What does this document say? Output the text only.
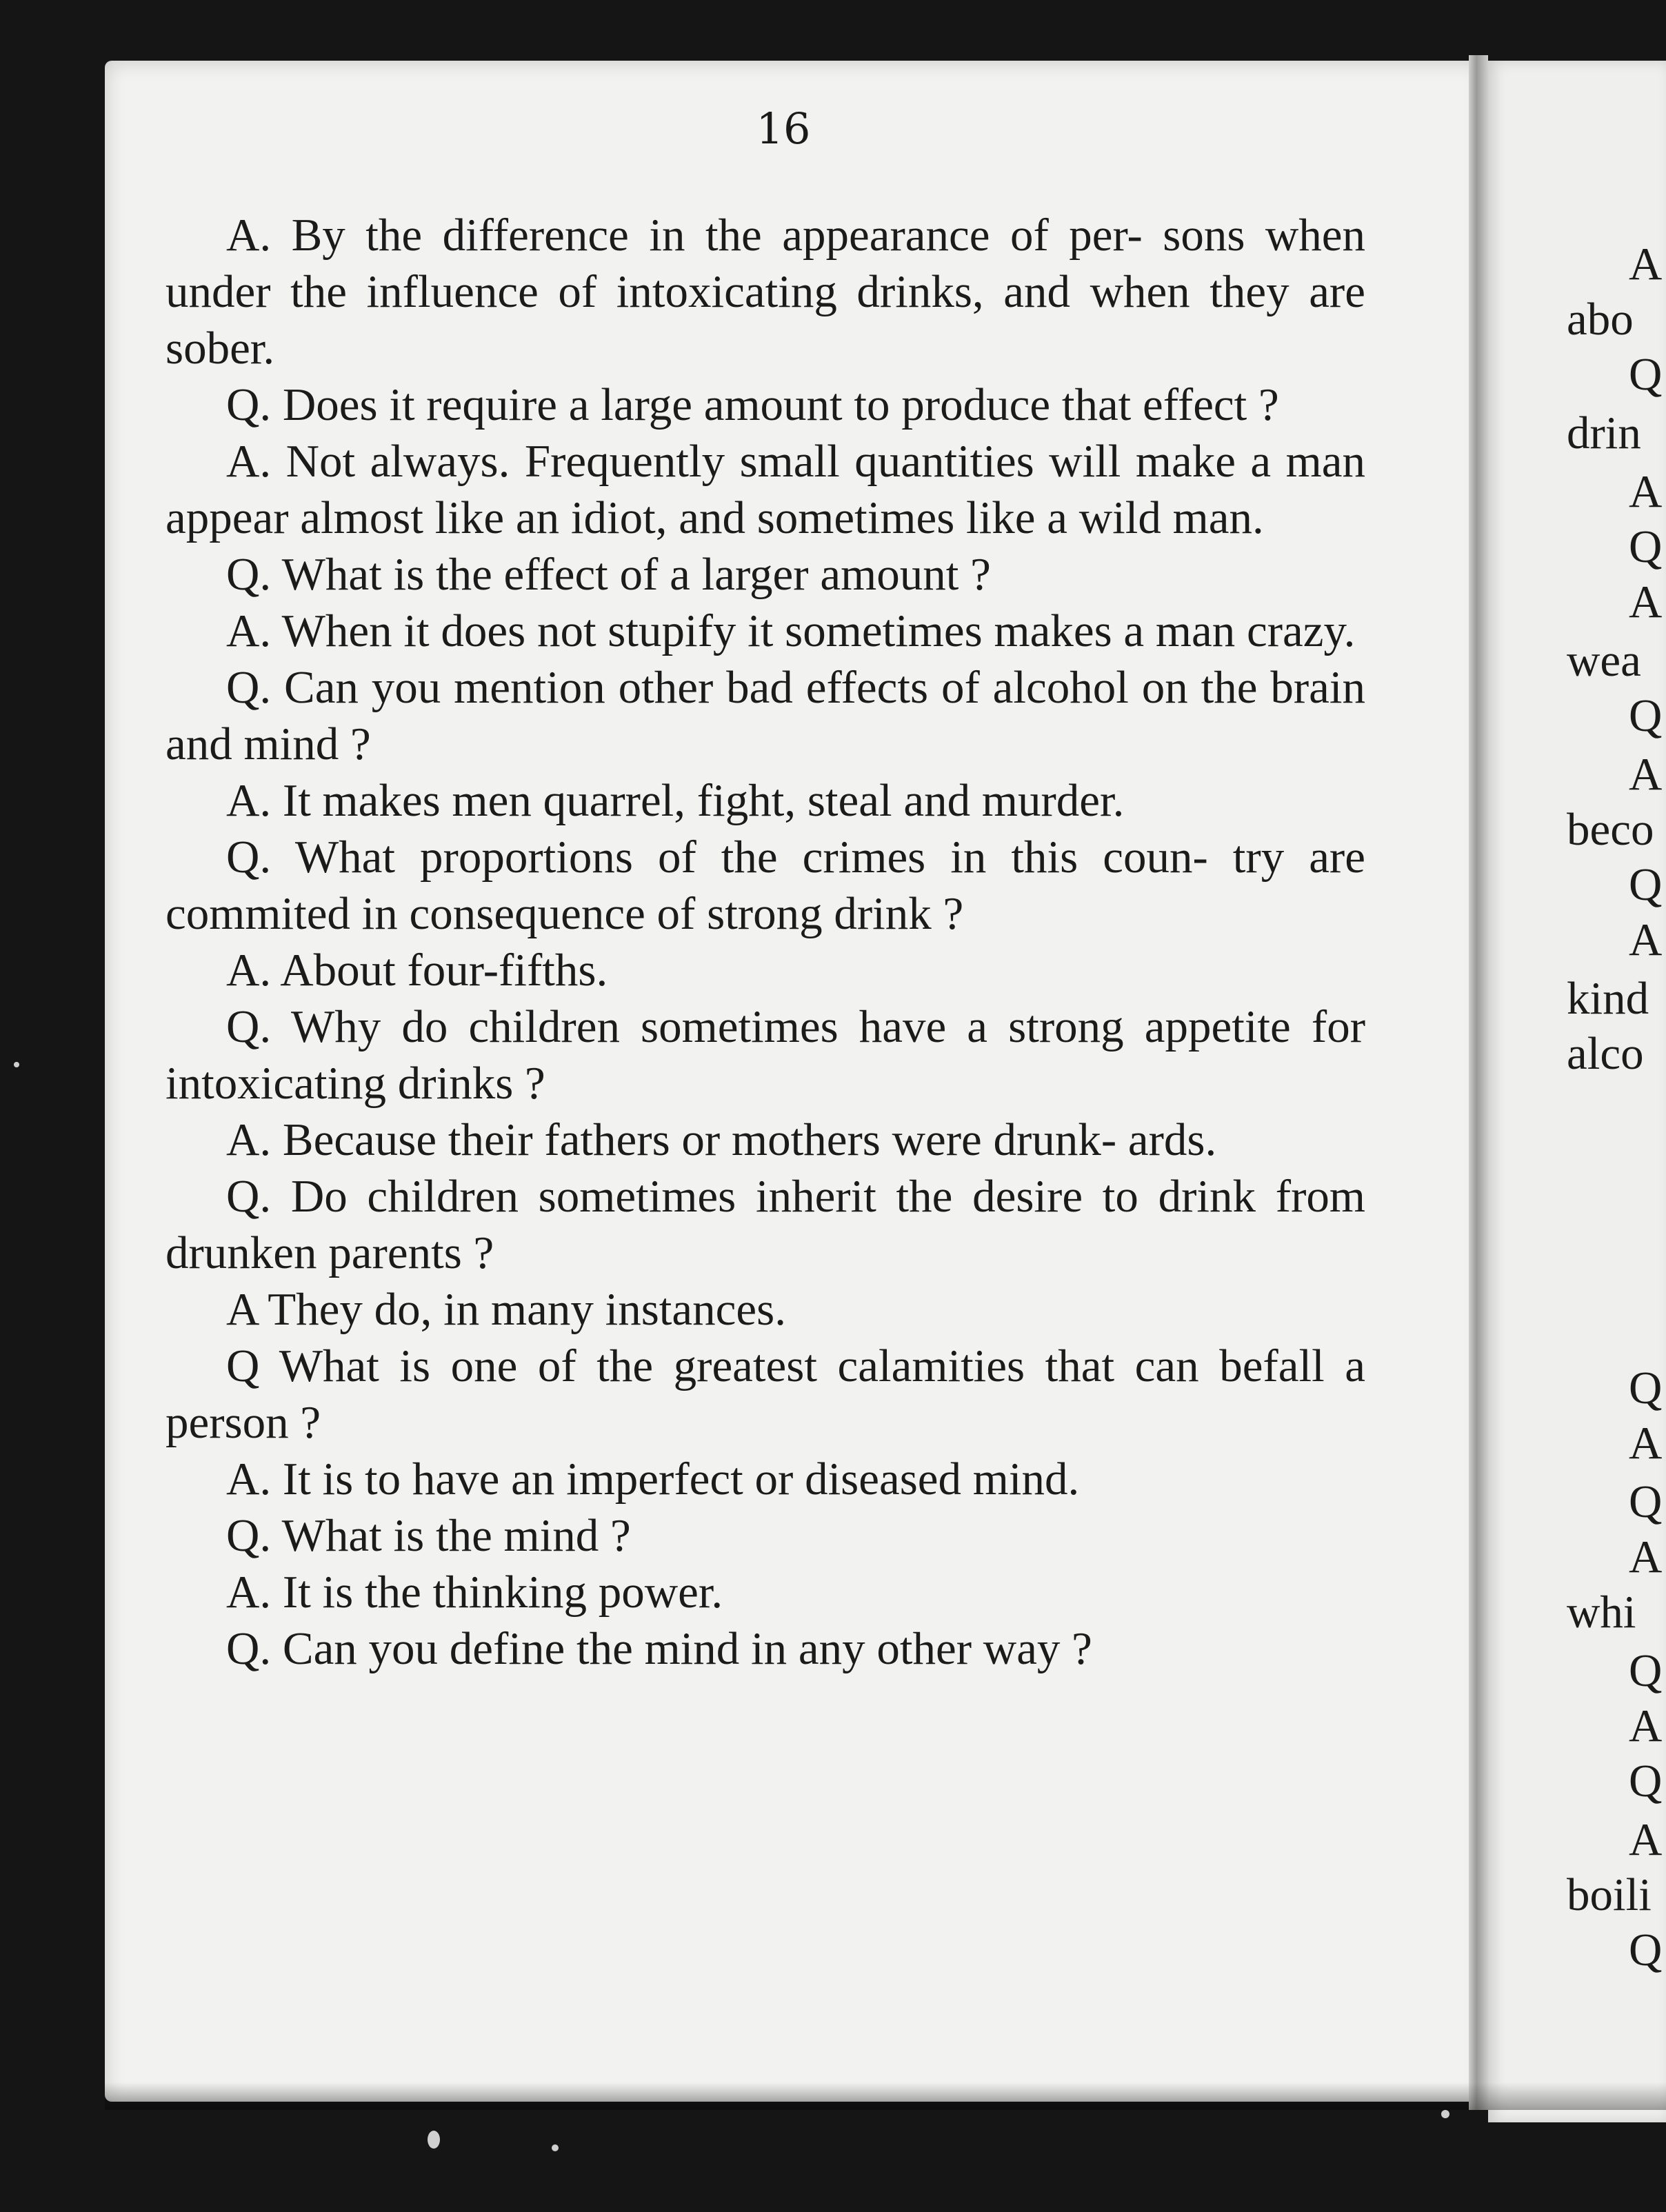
16

A. By the difference in the appearance of per- sons when under the influence of intoxicating drinks, and when they are sober.

Q. Does it require a large amount to produce that effect ?

A. Not always. Frequently small quantities will make a man appear almost like an idiot, and sometimes like a wild man.

Q. What is the effect of a larger amount ?

A. When it does not stupify it sometimes makes a man crazy.

Q. Can you mention other bad effects of alcohol on the brain and mind ?

A. It makes men quarrel, fight, steal and murder.

Q. What proportions of the crimes in this coun- try are commited in consequence of strong drink ?

A. About four-fifths.

Q. Why do children sometimes have a strong appetite for intoxicating drinks ?

A. Because their fathers or mothers were drunk- ards.

Q. Do children sometimes inherit the desire to drink from drunken parents ?

A They do, in many instances.

Q What is one of the greatest calamities that can befall a person ?

A. It is to have an imperfect or diseased mind.

Q. What is the mind ?

A. It is the thinking power.

Q. Can you define the mind in any other way ?

A
abo
Q
drin
A
Q
A
wea
Q
A
beco
Q
A
kind
alco
Q
A
Q
A
whi
Q
A
Q
A
boili
Q
